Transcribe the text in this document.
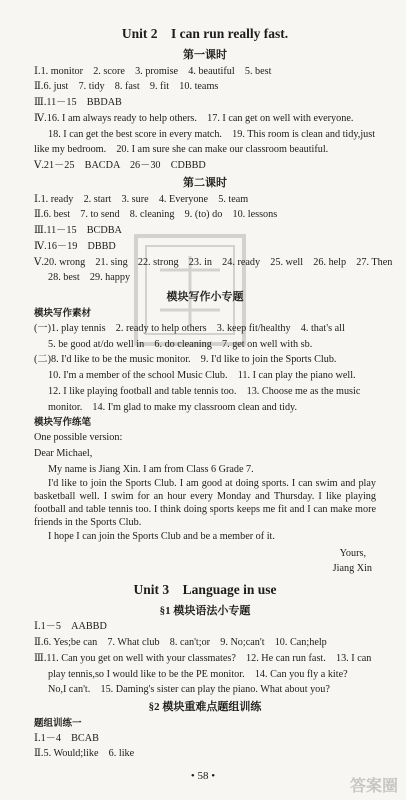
Unit 2　I can run really fast.
第一课时
Ⅰ.1. monitor　2. score　3. promise　4. beautiful　5. best
Ⅱ.6. just　7. tidy　8. fast　9. fit　10. teams
Ⅲ.11－15　BBDAB
Ⅳ.16. I am always ready to help others.　17. I can get on well with everyone.
18. I can get the best score in every match.　19. This room is clean and tidy,just
like my bedroom.　20. I am sure she can make our classroom beautiful.
Ⅴ.21－25　BACDA　26－30　CDBBD
第二课时
Ⅰ.1. ready　2. start　3. sure　4. Everyone　5. team
Ⅱ.6. best　7. to send　8. cleaning　9. (to) do　10. lessons
Ⅲ.11－15　BCDBA
Ⅳ.16－19　DBBD
Ⅴ.20. wrong　21. sing　22. strong　23. in　24. ready　25. well　26. help　27. Then
28. best　29. happy
模块写作小专题
模块写作素材
(一)1. play tennis　2. ready to help others　3. keep fit/healthy　4. that's all
5. be good at/do well in　6. do cleaning　7. get on well with sb.
(二)8. I'd like to be the music monitor.　9. I'd like to join the Sports Club.
10. I'm a member of the school Music Club.　11. I can play the piano well.
12. I like playing football and table tennis too.　13. Choose me as the music
monitor.　14. I'm glad to make my classroom clean and tidy.
模块写作练笔
One possible version:
Dear Michael,
My name is Jiang Xin. I am from Class 6 Grade 7.
I'd like to join the Sports Club. I am good at doing sports. I can swim and play basketball well. I swim for an hour every Monday and Thursday. I like playing football and table tennis too. I think doing sports keeps me fit and I can make more friends in the Sports Club.
I hope I can join the Sports Club and be a member of it.
Yours,
Jiang Xin
Unit 3　Language in use
§1 模块语法小专题
Ⅰ.1－5　AABBD
Ⅱ.6. Yes;be can　7. What club　8. can't;or　9. No;can't　10. Can;help
Ⅲ.11. Can you get on well with your classmates?　12. He can run fast.　13. I can
play tennis,so I would like to be the PE monitor.　14. Can you fly a kite?
No,I can't.　15. Daming's sister can play the piano. What about you?
§2 模块重难点题组训练
题组训练一
Ⅰ.1－4　BCAB
Ⅱ.5. Would;like　6. like
• 58 •	答案圈
